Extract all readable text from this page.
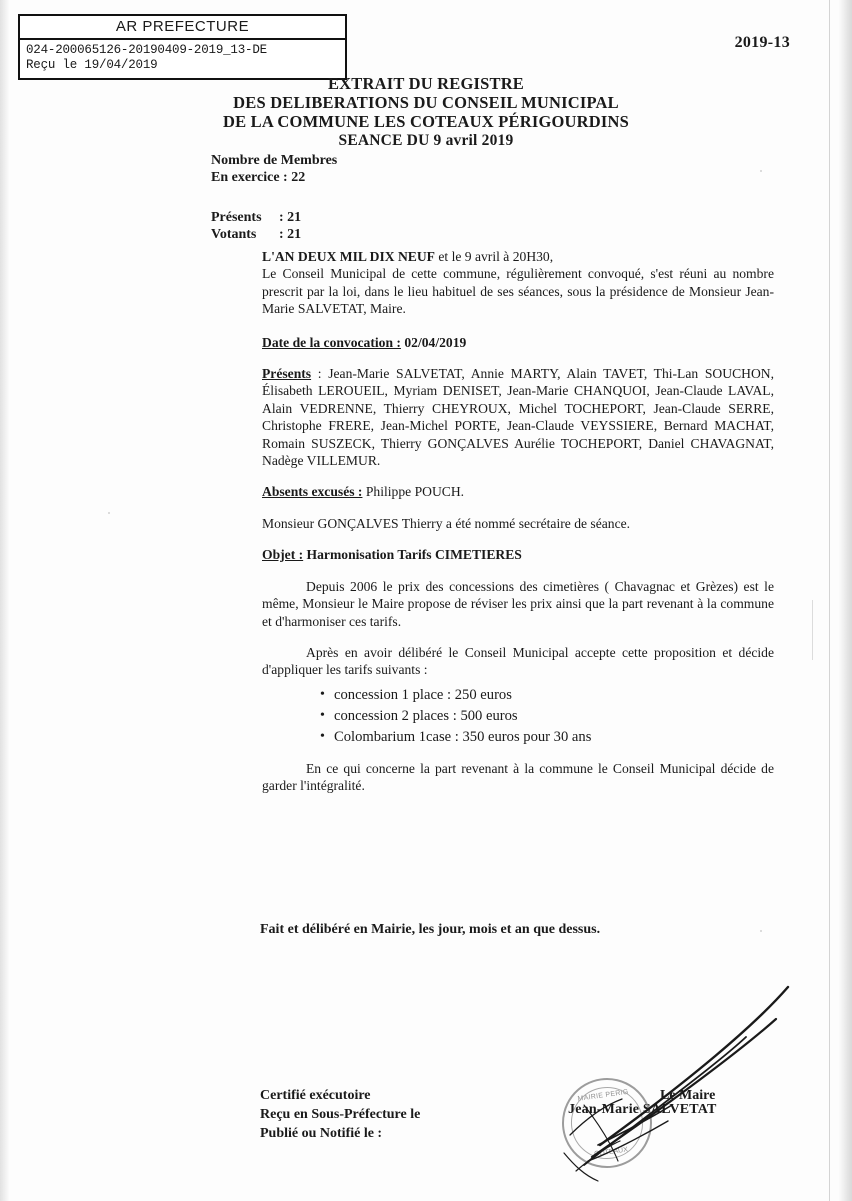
AR PREFECTURE
024-200065126-20190409-2019_13-DE
Reçu le 19/04/2019
2019-13
EXTRAIT DU REGISTRE
DES DELIBERATIONS DU CONSEIL MUNICIPAL
DE LA COMMUNE LES COTEAUX PÉRIGOURDINS
SEANCE DU 9 avril 2019
Nombre de Membres
En exercice : 22
Présents	: 21
Votants	: 21

L'AN DEUX MIL DIX NEUF et le 9 avril à 20H30,
Le Conseil Municipal de cette commune, régulièrement convoqué, s'est réuni au nombre prescrit par la loi, dans le lieu habituel de ses séances, sous la présidence de Monsieur Jean-Marie SALVETAT, Maire.

Date de la convocation : 02/04/2019

Présents : Jean-Marie SALVETAT, Annie MARTY, Alain TAVET, Thi-Lan SOUCHON, Élisabeth LEROUEIL, Myriam DENISET, Jean-Marie CHANQUOI, Jean-Claude LAVAL, Alain VEDRENNE, Thierry CHEYROUX, Michel TOCHEPORT, Jean-Claude SERRE, Christophe FRERE, Jean-Michel PORTE, Jean-Claude VEYSSIERE, Bernard MACHAT, Romain SUSZECK, Thierry GONÇALVES Aurélie TOCHEPORT, Daniel CHAVAGNAT, Nadège VILLEMUR.

Absents excusés : Philippe POUCH.

Monsieur GONÇALVES Thierry a été nommé secrétaire de séance.

Objet : Harmonisation Tarifs CIMETIERES

Depuis 2006 le prix des concessions des cimetières ( Chavagnac et Grèzes) est le même, Monsieur le Maire propose de réviser les prix ainsi que la part revenant à la commune et d'harmoniser ces tarifs.

Après en avoir délibéré le Conseil Municipal accepte cette proposition et décide d'appliquer les tarifs suivants :

• concession 1 place : 250 euros
• concession 2 places : 500 euros
• Colombarium 1case : 350 euros pour 30 ans

En ce qui concerne la part revenant à la commune le Conseil Municipal décide de garder l'intégralité.

Fait et délibéré en Mairie, les jour, mois et an que dessus.
Certifié exécutoire
Reçu en Sous-Préfecture le
Publié ou Notifié le :
Le Maire
Jean-Marie SALVETAT
MAIRIE PERIG
COTEAUX
